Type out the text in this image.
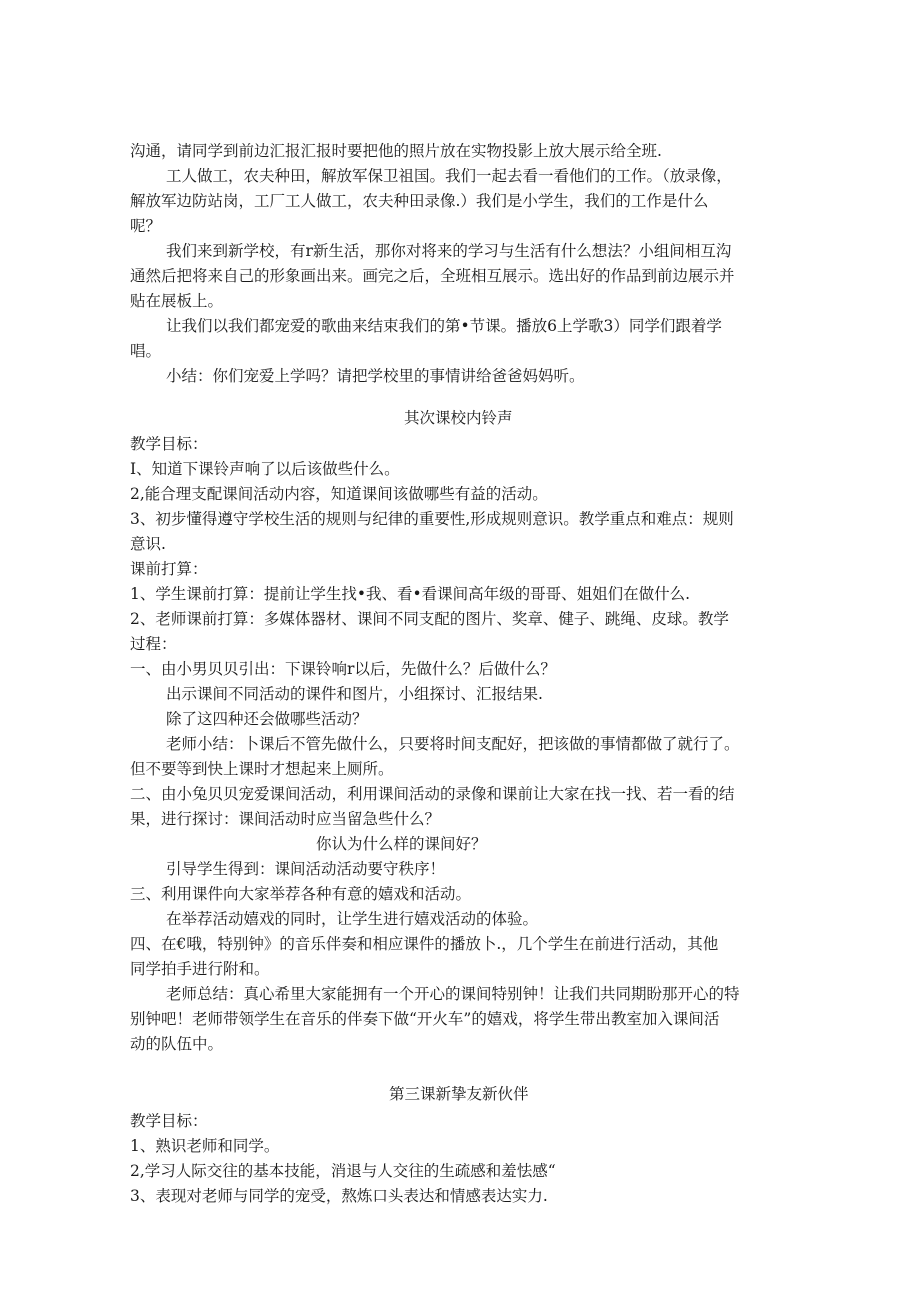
沟通，请同学到前边汇报汇报时要把他的照片放在实物投影上放大展示给全班.
工人做工，农夫种田，解放军保卫祖国。我们一起去看一看他们的工作。（放录像，
解放军边防站岗，工厂工人做工，农夫种田录像.）我们是小学生，我们的工作是什么
呢？
我们来到新学校，有r新生活，那你对将来的学习与生活有什么想法？小组间相互沟
通然后把将来自己的形象画出来。画完之后，全班相互展示。选出好的作品到前边展示并
贴在展板上。
让我们以我们都宠爱的歌曲来结束我们的第•节课。播放6上学歌3）同学们跟着学
唱。
小结：你们宠爱上学吗？请把学校里的事情讲给爸爸妈妈听。
其次课校内铃声
教学目标：
I、知道下课铃声响了以后该做些什么。
2,能合理支配课间活动内容，知道课间该做哪些有益的活动。
3、初步懂得遵守学校生活的规则与纪律的重要性,形成规则意识。教学重点和难点：规则
意识.
课前打算：
1、学生课前打算：提前让学生找•我、看•看课间高年级的哥哥、姐姐们在做什么.
2、老师课前打算：多媒体器材、课间不同支配的图片、奖章、健子、跳绳、皮球。教学
过程：
一、由小男贝贝引出：下课铃响r以后，先做什么？后做什么？
出示课间不同活动的课件和图片，小组探讨、汇报结果.
除了这四种还会做哪些活动？
老师小结：卜课后不管先做什么，只要将时间支配好，把该做的事情都做了就行了。
但不要等到快上课时才想起来上厕所。
二、由小兔贝贝宠爱课间活动，利用课间活动的录像和课前让大家在找一找、若一看的结
果，进行探讨：课间活动时应当留急些什么？
你认为什么样的课间好？
引导学生得到：课间活动活动要守秩序！
三、利用课件向大家举荐各种有意的嬉戏和活动。
在举荐活动嬉戏的同时，让学生进行嬉戏活动的体验。
四、在€哦，特别钟》的音乐伴奏和相应课件的播放卜.，几个学生在前进行活动，其他
同学拍手进行附和。
老师总结：真心希里大家能拥有一个开心的课间特别钟！让我们共同期盼那开心的特
别钟吧！老师带领学生在音乐的伴奏下做“开火车”的嬉戏，将学生带出教室加入课间活
动的队伍中。
第三课新挚友新伙伴
教学目标：
1、熟识老师和同学。
2,学习人际交往的基本技能，消退与人交往的生疏感和羞怯感“
3、表现对老师与同学的宠受，熬炼口头表达和情感表达实力.
